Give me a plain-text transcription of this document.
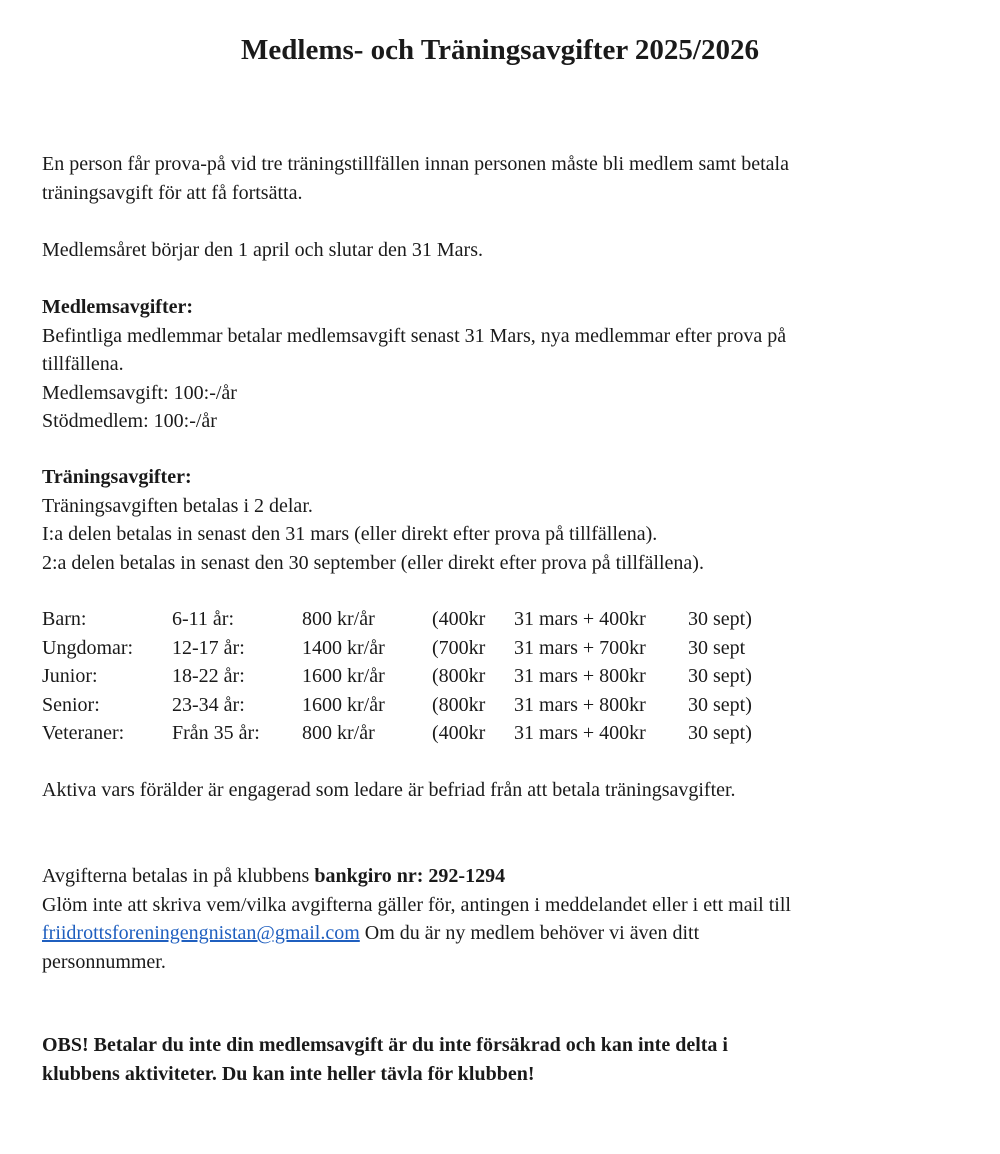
Medlems- och Träningsavgifter 2025/2026

En person får prova-på vid tre träningstillfällen innan personen måste bli medlem samt betala
träningsavgift för att få fortsätta.

Medlemsåret börjar den 1 april och slutar den 31 Mars.

Medlemsavgifter:
Befintliga medlemmar betalar medlemsavgift senast 31 Mars, nya medlemmar efter prova på
tillfällena.
Medlemsavgift: 100:-/år
Stödmedlem: 100:-/år
Träningsavgifter:
Träningsavgiften betalas i 2 delar.
I:a delen betalas in senast den 31 mars (eller direkt efter prova på tillfällena).
2:a delen betalas in senast den 30 september (eller direkt efter prova på tillfällena).
Barn:	6-11 år:	800 kr/år	(400kr 31 mars + 400kr 30 sept)
Ungdomar: 12-17 år:	1400 kr/år (700kr 31 mars + 700kr 30 sept
Junior:	18-22 år:	1600 kr/år (800kr 31 mars + 800kr 30 sept)
Senior:	23-34 år:	1600 kr/år (800kr 31 mars + 800kr 30 sept)
Veteraner: Från 35 år: 800 kr/år	(400kr 31 mars + 400kr 30 sept)

Aktiva vars förälder är engagerad som ledare är befriad från att betala träningsavgifter.

Avgifterna betalas in på klubbens bankgiro nr: 292-1294
Glöm inte att skriva vem/vilka avgifterna gäller för, antingen i meddelandet eller i ett mail till
friidrottsforeningengnistan@gmail.com Om du är ny medlem behöver vi även ditt
personnummer.
OBS! Betalar du inte din medlemsavgift är du inte försäkrad och kan inte delta i
klubbens aktiviteter. Du kan inte heller tävla för klubben!
